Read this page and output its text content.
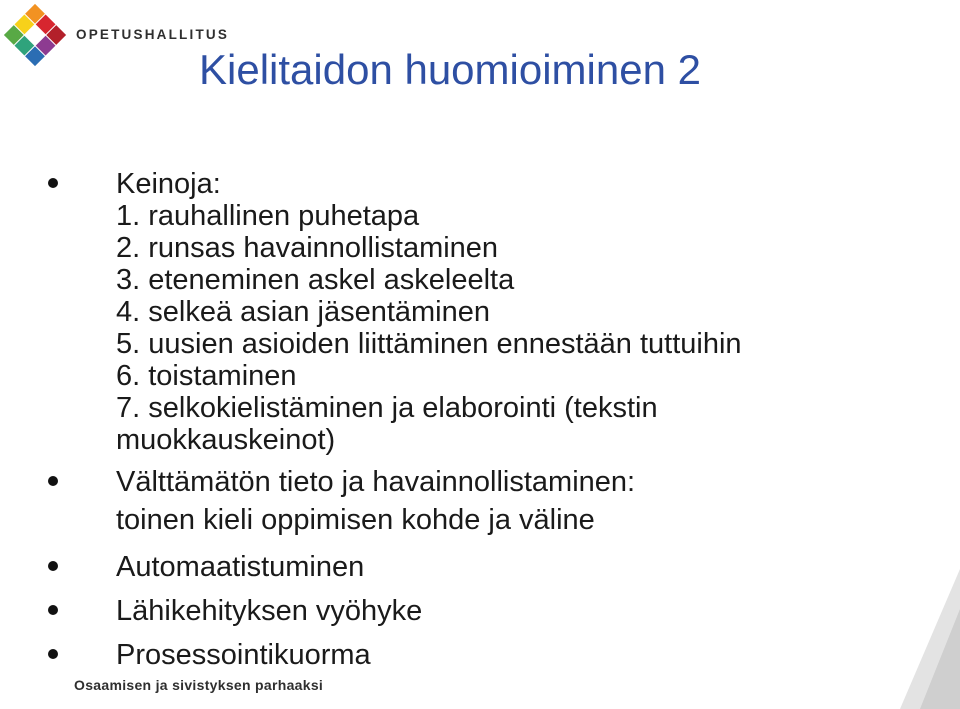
OPETUSHALLITUS
Kielitaidon huomioiminen 2
Keinoja:
1. rauhallinen puhetapa
2. runsas havainnollistaminen
3. eteneminen askel askeleelta
4. selkeä asian jäsentäminen
5. uusien asioiden liittäminen ennestään tuttuihin
6. toistaminen
7. selkokielistäminen ja elaborointi (tekstin
muokkauskeinot)
Välttämätön tieto ja havainnollistaminen:
toinen kieli oppimisen kohde ja väline
Automaatistuminen
Lähikehityksen vyöhyke
Prosessointikuorma
Osaamisen ja sivistyksen parhaaksi
